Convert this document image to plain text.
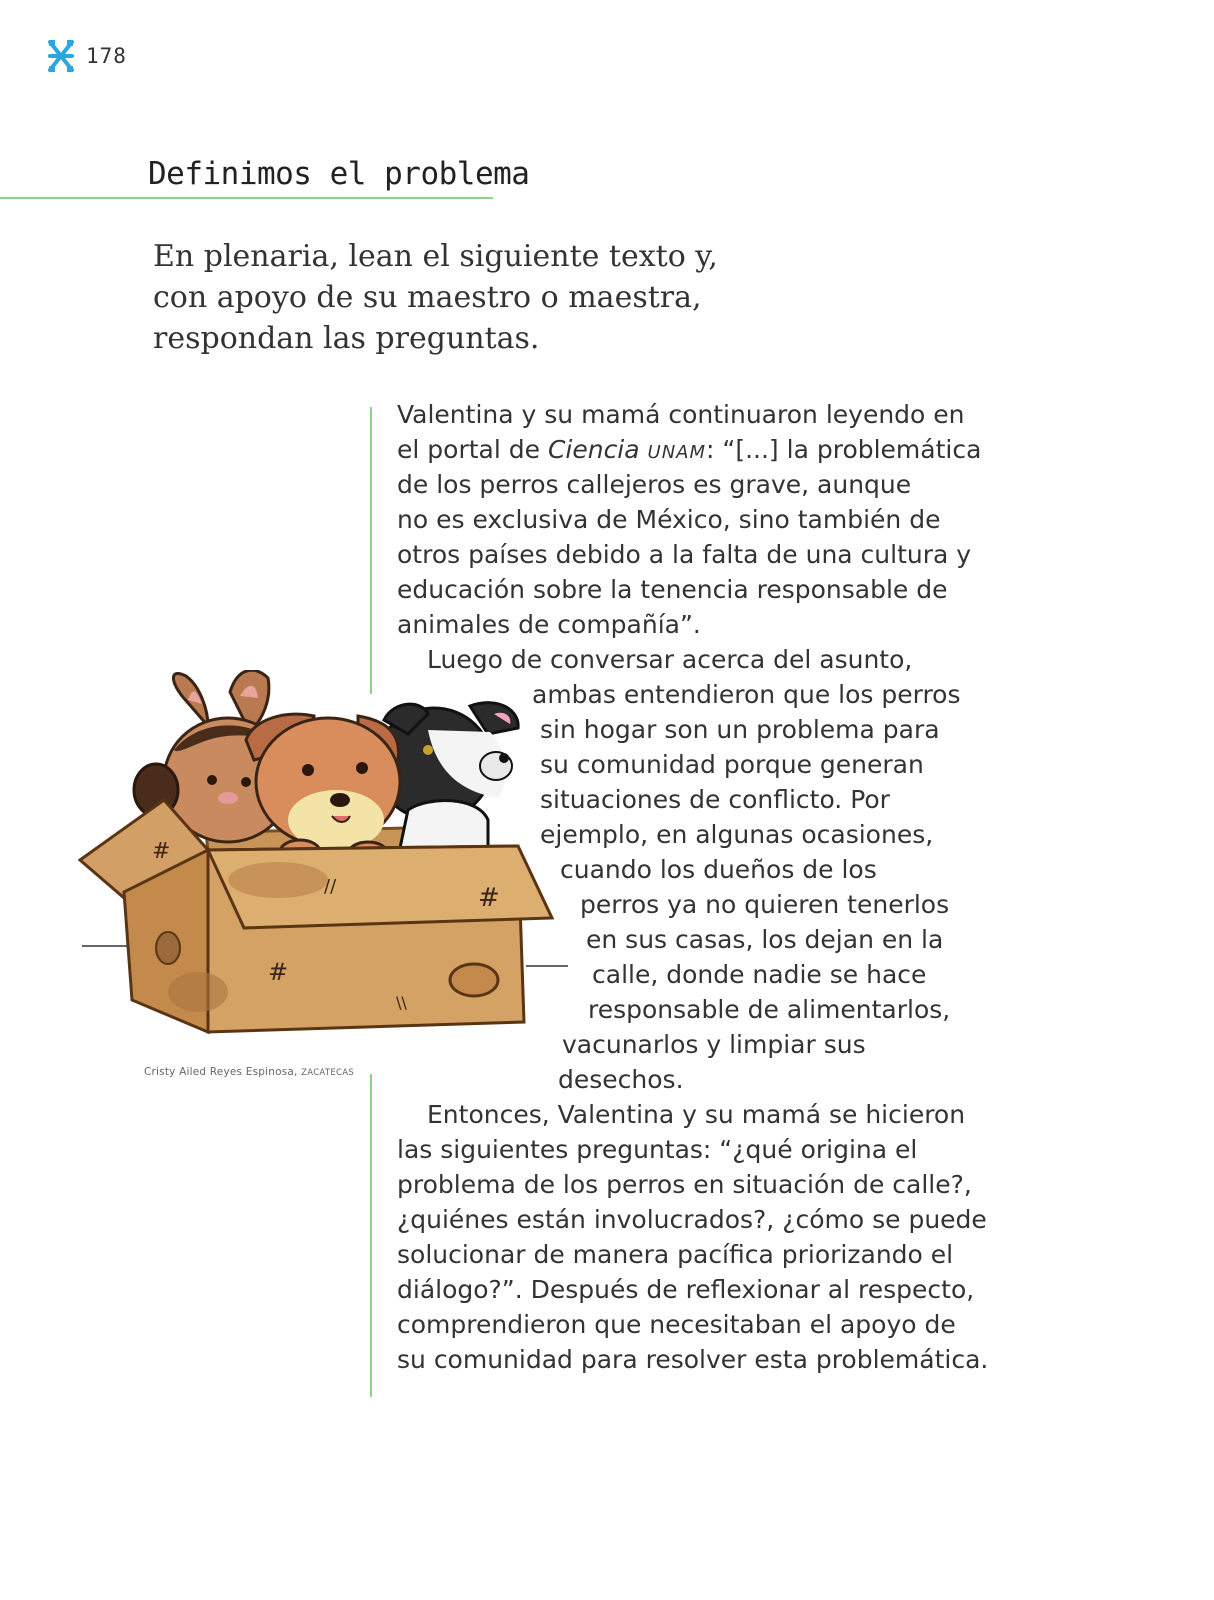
178
Definimos el problema

En plenaria, lean el siguiente texto y, con apoyo de su maestro o maestra, respondan las preguntas.

#
#
#
//
\\

Cristy Ailed Reyes Espinosa, ZACATECAS

Valentina y su mamá continuaron leyendo en

el portal de Ciencia UNAM: “[...] la problemática

de los perros callejeros es grave, aunque

no es exclusiva de México, sino también de

otros países debido a la falta de una cultura y

educación sobre la tenencia responsable de

animales de compañía”.

Luego de conversar acerca del asunto,

ambas entendieron que los perros

sin hogar son un problema para

su comunidad porque generan

situaciones de conflicto. Por

ejemplo, en algunas ocasiones,

cuando los dueños de los

perros ya no quieren tenerlos

en sus casas, los dejan en la

calle, donde nadie se hace

responsable de alimentarlos,

vacunarlos y limpiar sus

desechos.

Entonces, Valentina y su mamá se hicieron

las siguientes preguntas: “¿qué origina el

problema de los perros en situación de calle?,

¿quiénes están involucrados?, ¿cómo se puede

solucionar de manera pacífica priorizando el

diálogo?”. Después de reflexionar al respecto,

comprendieron que necesitaban el apoyo de

su comunidad para resolver esta problemática.
